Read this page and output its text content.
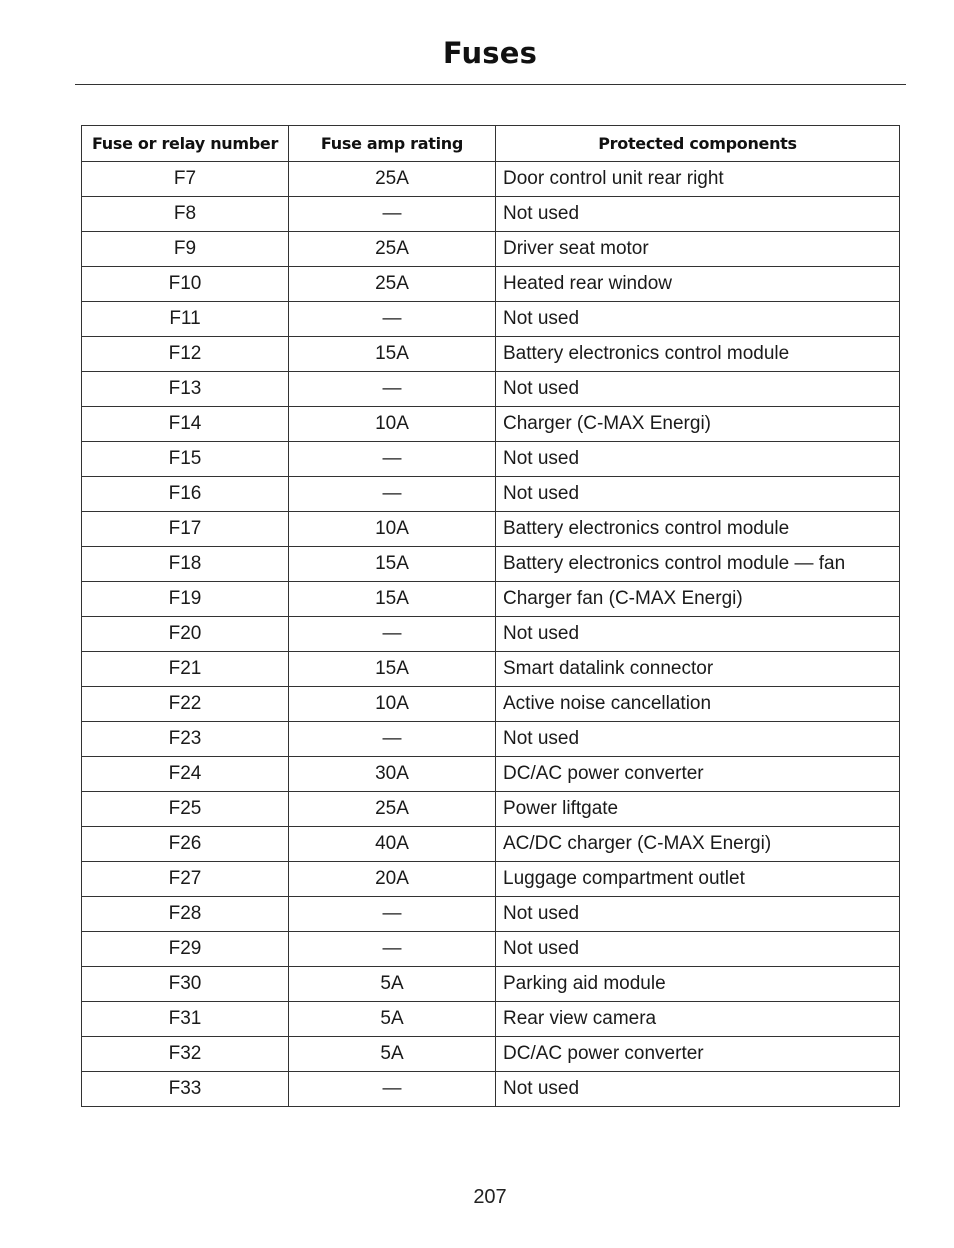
Fuses
Fuse or relay number	Fuse amp rating	Protected components
F7	25A	Door control unit rear right
F8	—	Not used
F9	25A	Driver seat motor
F10	25A	Heated rear window
F11	—	Not used
F12	15A	Battery electronics control module
F13	—	Not used
F14	10A	Charger (C-MAX Energi)
F15	—	Not used
F16	—	Not used
F17	10A	Battery electronics control module
F18	15A	Battery electronics control module — fan
F19	15A	Charger fan (C-MAX Energi)
F20	—	Not used
F21	15A	Smart datalink connector
F22	10A	Active noise cancellation
F23	—	Not used
F24	30A	DC/AC power converter
F25	25A	Power liftgate
F26	40A	AC/DC charger (C-MAX Energi)
F27	20A	Luggage compartment outlet
F28	—	Not used
F29	—	Not used
F30	5A	Parking aid module
F31	5A	Rear view camera
F32	5A	DC/AC power converter
F33	—	Not used
207
